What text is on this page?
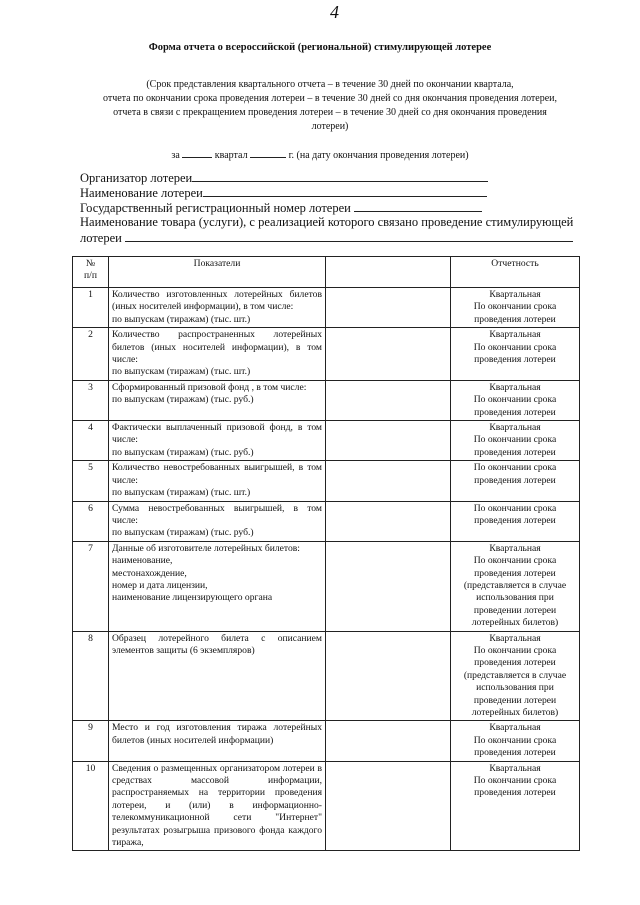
4
Форма отчета о всероссийской (региональной) стимулирующей лотерее
(Срок представления квартального отчета – в течение 30 дней по окончании квартала,
отчета по окончании срока проведения лотереи – в течение 30 дней со дня окончания проведения лотереи,
отчета в связи с прекращением проведения лотереи – в течение 30 дней со дня окончания проведения
лотереи)
за	квартал	г. (на дату окончания проведения лотереи)
Организатор лотереи
Наименование лотереи
Государственный регистрационный номер лотереи
Наименование товара (услуги), с реализацией которого связано проведение стимулирующей
лотереи
№
п/п	Показатели		Отчетность
1	Количество изготовленных лотерейных билетов (иных носителей информации), в том числе:
по выпускам (тиражам) (тыс. шт.)		Квартальная
По окончании срока проведения лотереи
2	Количество распространенных лотерейных билетов (иных носителей информации), в том числе:
по выпускам (тиражам) (тыс. шт.)		Квартальная
По окончании срока проведения лотереи
3	Сформированный призовой фонд , в том числе:
по выпускам (тиражам) (тыс. руб.)		Квартальная
По окончании срока проведения лотереи
4	Фактически выплаченный призовой фонд, в том числе:
по выпускам (тиражам) (тыс. руб.)		Квартальная
По окончании срока проведения лотереи
5	Количество невостребованных выигрышей, в том числе:
по выпускам (тиражам) (тыс. шт.)		По окончании срока проведения лотереи
6	Сумма невостребованных выигрышей, в том числе:
по выпускам (тиражам) (тыс. руб.)		По окончании срока проведения лотереи
7	Данные об изготовителе лотерейных билетов:
наименование,
местонахождение,
номер и дата лицензии,
наименование лицензирующего органа		Квартальная
По окончании срока проведения лотереи (представляется в случае использования при проведении лотереи лотерейных билетов)
8	Образец лотерейного билета с описанием элементов защиты (6 экземпляров)		Квартальная
По окончании срока проведения лотереи (представляется в случае использования при проведении лотереи лотерейных билетов)
9	Место и год изготовления тиража лотерейных билетов (иных носителей информации)		Квартальная
По окончании срока проведения лотереи
10	Сведения о размещенных организатором лотереи в средствах массовой информации, распространяемых на территории проведения лотереи, и (или) в информационно-телекоммуникационной сети "Интернет" результатах розыгрыша призового фонда каждого тиража,		Квартальная
По окончании срока проведения лотереи
